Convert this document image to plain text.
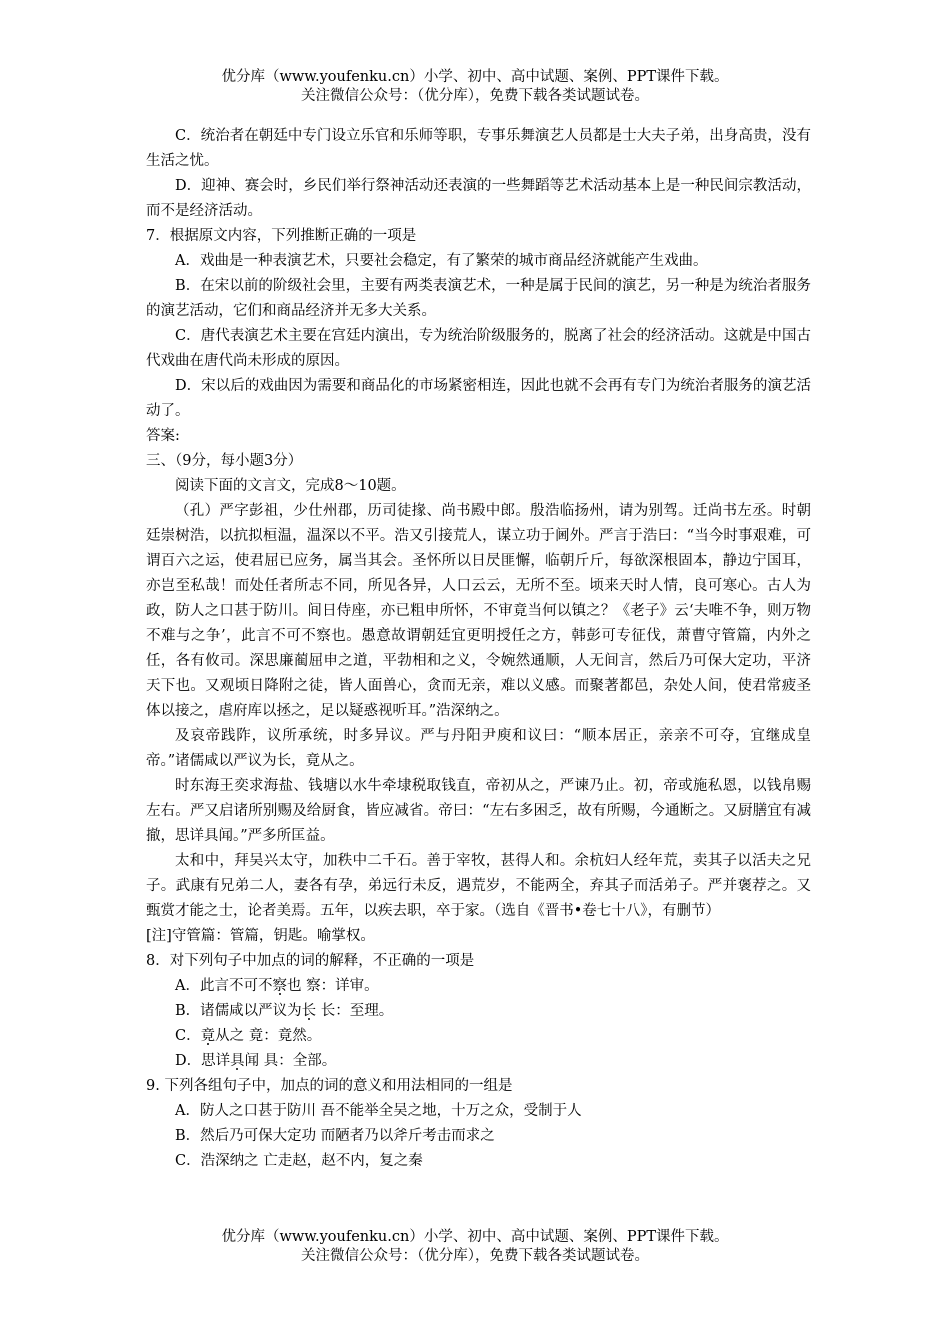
优分库（www.youfenku.cn）小学、初中、高中试题、案例、PPT课件下载。
关注微信公众号：（优分库），免费下载各类试题试卷。

C．统治者在朝廷中专门设立乐官和乐师等职，专事乐舞演艺人员都是士大夫子弟，出身高贵，没有生活之忧。

D．迎神、赛会时，乡民们举行祭神活动还表演的一些舞蹈等艺术活动基本上是一种民间宗教活动，而不是经济活动。

7．根据原文内容，下列推断正确的一项是

A．戏曲是一种表演艺术，只要社会稳定，有了繁荣的城市商品经济就能产生戏曲。

B．在宋以前的阶级社会里，主要有两类表演艺术，一种是属于民间的演艺，另一种是为统治者服务的演艺活动，它们和商品经济并无多大关系。

C．唐代表演艺术主要在宫廷内演出，专为统治阶级服务的，脱离了社会的经济活动。这就是中国古代戏曲在唐代尚未形成的原因。

D．宋以后的戏曲因为需要和商品化的市场紧密相连，因此也就不会再有专门为统治者服务的演艺活动了。

答案:

三、（9分，每小题3分）

阅读下面的文言文，完成8～10题。

（孔）严字彭祖，少仕州郡，历司徒掾、尚书殿中郎。殷浩临扬州，请为别驾。迁尚书左丞。时朝廷崇树浩，以抗拟桓温，温深以不平。浩又引接荒人，谋立功于阃外。严言于浩曰：“当今时事艰难，可谓百六之运，使君屈已应务，属当其会。圣怀所以日昃匪懈，临朝斤斤，每欲深根固本，静边宁国耳，亦岂至私哉！而处任者所志不同，所见各异，人口云云，无所不至。顷来天时人情，良可寒心。古人为政，防人之口甚于防川。间日侍座，亦已粗申所怀，不审竟当何以镇之？《老子》云‘夫唯不争，则万物不难与之争’，此言不可不察也。愚意故谓朝廷宜更明授任之方，韩彭可专征伐，萧曹守管篇，内外之任，各有攸司。深思廉蔺屈申之道，平勃相和之义，令婉然通顺，人无间言，然后乃可保大定功，平济天下也。又观顷日降附之徒，皆人面兽心，贪而无亲，难以义感。而聚著都邑，杂处人间，使君常疲圣体以接之，虐府库以拯之，足以疑惑视听耳。”浩深纳之。

及哀帝践阼，议所承统，时多异议。严与丹阳尹庾和议曰：“顺本居正，亲亲不可夺，宜继成皇帝。”诸儒咸以严议为长，竟从之。

时东海王奕求海盐、钱塘以水牛牵埭税取钱直，帝初从之，严谏乃止。初，帝或施私恩，以钱帛赐左右。严又启诸所别赐及给厨食，皆应减省。帝曰：“左右多困乏，故有所赐，今通断之。又厨膳宜有减撤，思详具闻。”严多所匡益。

太和中，拜吴兴太守，加秩中二千石。善于宰牧，甚得人和。余杭妇人经年荒，卖其子以活夫之兄子。武康有兄弟二人，妻各有孕，弟远行未反，遇荒岁，不能两全，弃其子而活弟子。严并褒荐之。又甄赏才能之士，论者美焉。五年，以疾去职，卒于家。（选自《晋书•卷七十八》，有删节）

[注]守管篇：管篇，钥匙。喻掌权。

8．对下列句子中加点的词的解释，不正确的一项是

A．此言不可不察也 察：详审。

B．诸儒咸以严议为长 长：至理。

C．竟从之 竟：竟然。

D．思详具闻 具：全部。

9. 下列各组句子中，加点的词的意义和用法相同的一组是

A．防人之口甚于防川 吾不能举全吴之地，十万之众，受制于人

B．然后乃可保大定功 而陋者乃以斧斤考击而求之

C．浩深纳之 亡走赵，赵不内，复之秦

优分库（www.youfenku.cn）小学、初中、高中试题、案例、PPT课件下载。
关注微信公众号：（优分库），免费下载各类试题试卷。
